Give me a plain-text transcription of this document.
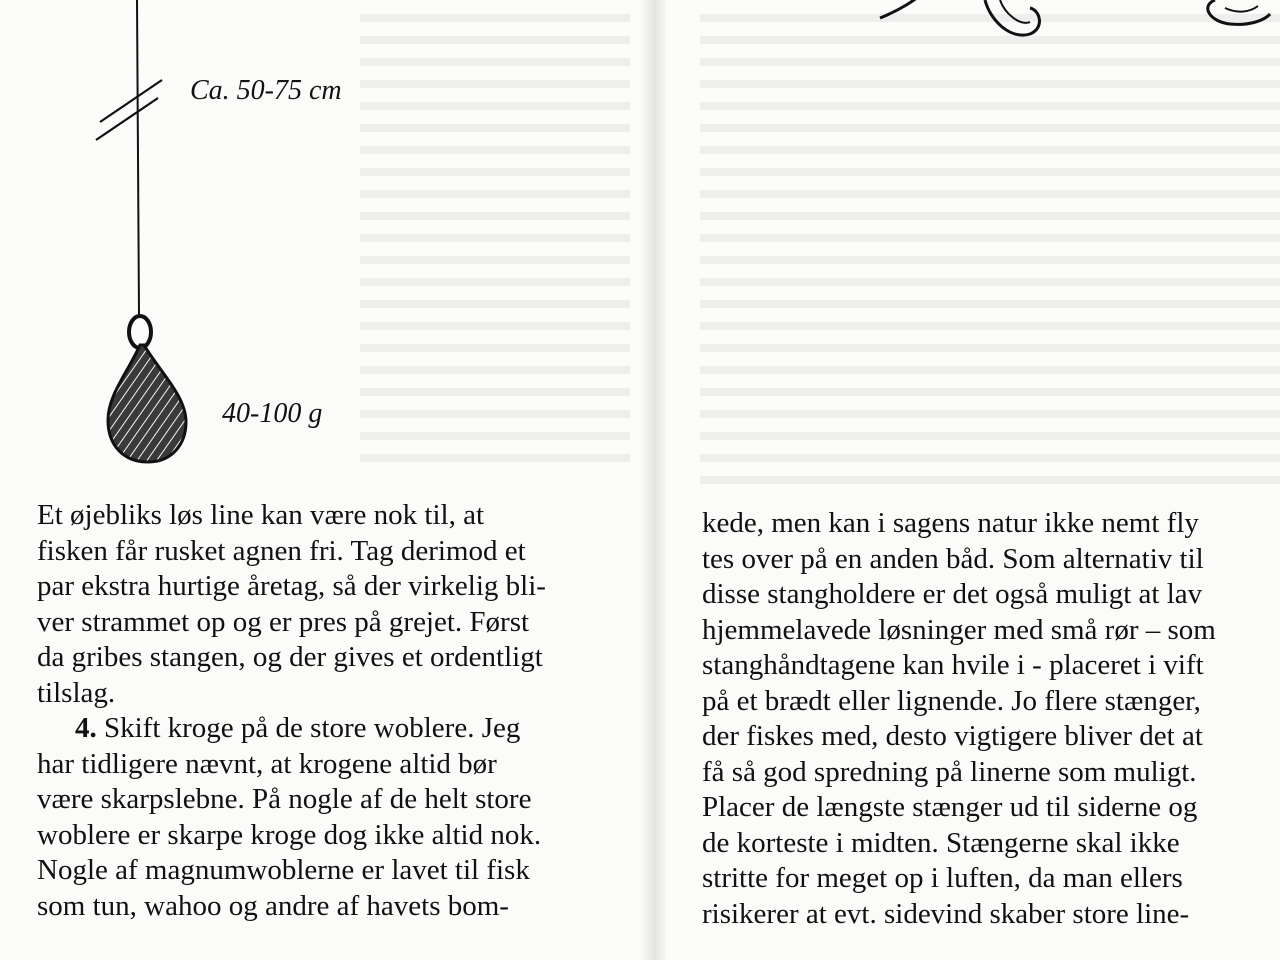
Ca. 50-75 cm
40-100 g

Et øjebliks løs line kan være nok til, at
fisken får rusket agnen fri. Tag derimod et
par ekstra hurtige åretag, så der virkelig bli-
ver strammet op og er pres på grejet. Først
da gribes stangen, og der gives et ordentligt
tilslag.

4. Skift kroge på de store woblere. Jeg
har tidligere nævnt, at krogene altid bør
være skarpslebne. På nogle af de helt store
woblere er skarpe kroge dog ikke altid nok.
Nogle af magnumwoblerne er lavet til fisk
som tun, wahoo og andre af havets bom-

kede, men kan i sagens natur ikke nemt fly
tes over på en anden båd. Som alternativ til
disse stangholdere er det også muligt at lav
hjemmelavede løsninger med små rør – som
stanghåndtagene kan hvile i - placeret i vift
på et brædt eller lignende. Jo flere stænger,
der fiskes med, desto vigtigere bliver det at
få så god spredning på linerne som muligt.
Placer de længste stænger ud til siderne og
de korteste i midten. Stængerne skal ikke
stritte for meget op i luften, da man ellers
risikerer at evt. sidevind skaber store line-
